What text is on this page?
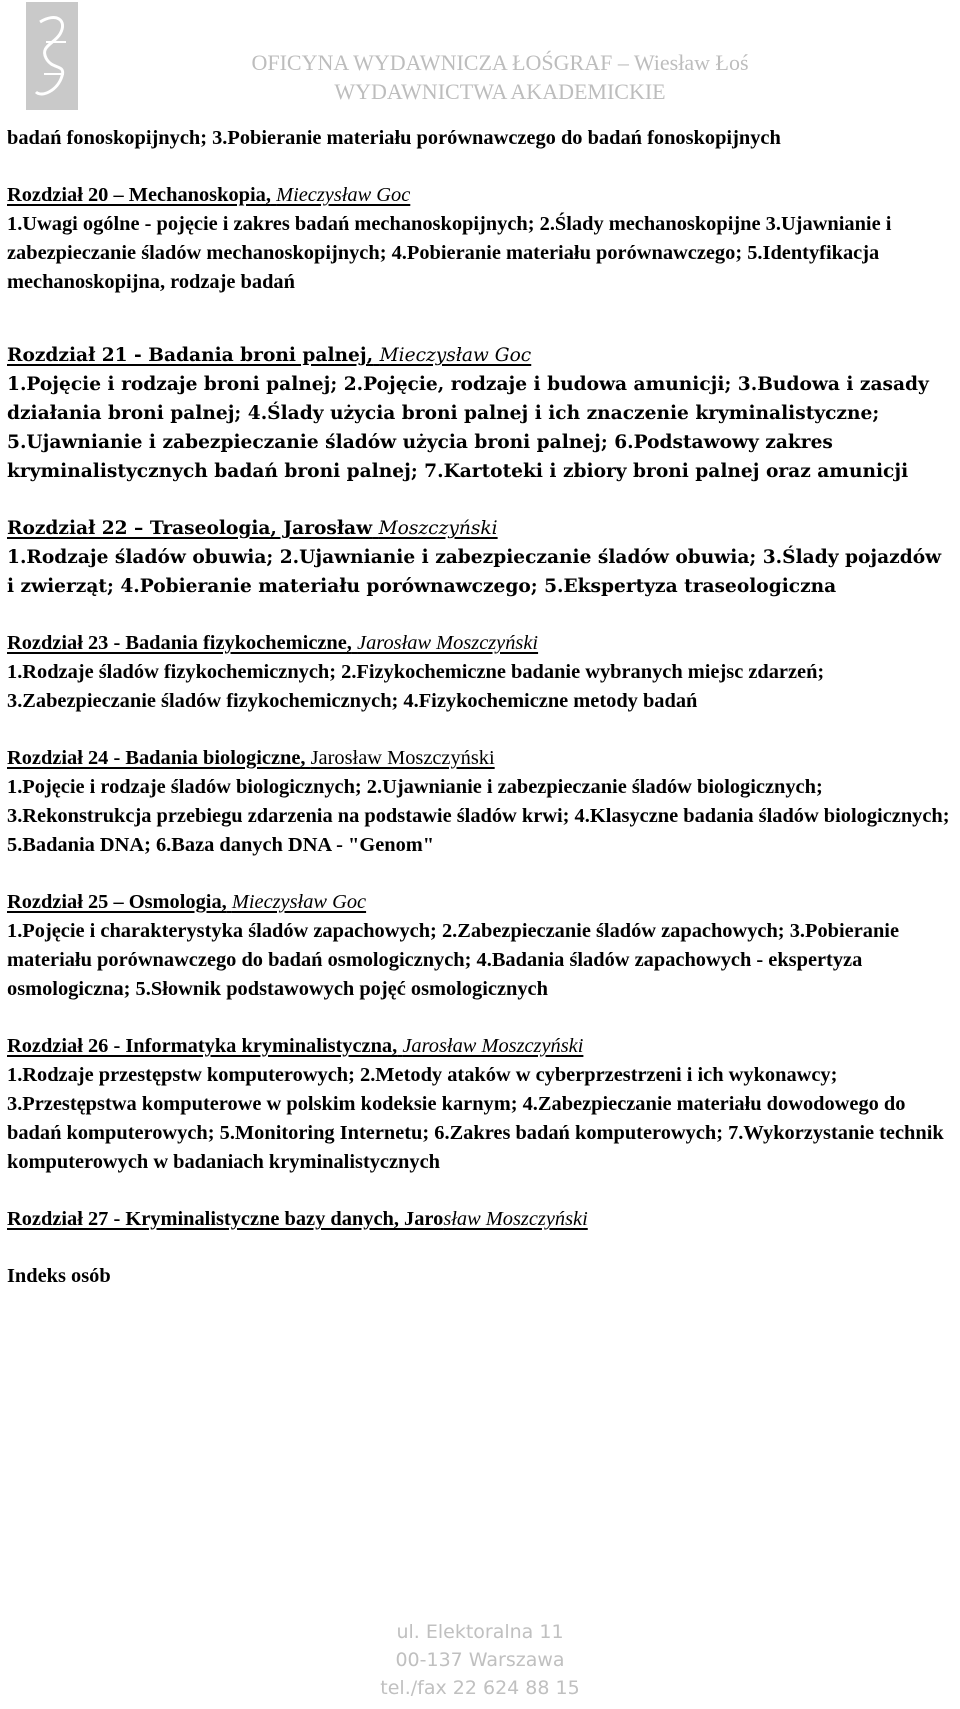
OFICYNA WYDAWNICZA ŁOŚGRAF – Wiesław Łoś
WYDAWNICTWA AKADEMICKIE

badań fonoskopijnych; 3.Pobieranie materiału porównawczego do badań fonoskopijnych

Rozdział 20 – Mechanoskopia, Mieczysław Goc

1.Uwagi ogólne - pojęcie i zakres badań mechanoskopijnych; 2.Ślady mechanoskopijne 3.Ujawnianie i zabezpieczanie śladów mechanoskopijnych; 4.Pobieranie materiału porównawczego; 5.Identyfikacja mechanoskopijna, rodzaje badań

Rozdział 21 - Badania broni palnej, Mieczysław Goc

1.Pojęcie i rodzaje broni palnej; 2.Pojęcie, rodzaje i budowa amunicji; 3.Budowa i zasady działania broni palnej; 4.Ślady użycia broni palnej i ich znaczenie kryminalistyczne; 5.Ujawnianie i zabezpieczanie śladów użycia broni palnej; 6.Podstawowy zakres kryminalistycznych badań broni palnej; 7.Kartoteki i zbiory broni palnej oraz amunicji

Rozdział 22 – Traseologia, Jarosław Moszczyński

1.Rodzaje śladów obuwia; 2.Ujawnianie i zabezpieczanie śladów obuwia; 3.Ślady pojazdów i zwierząt; 4.Pobieranie materiału porównawczego; 5.Ekspertyza traseologiczna

Rozdział 23 - Badania fizykochemiczne, Jarosław Moszczyński

1.Rodzaje śladów fizykochemicznych; 2.Fizykochemiczne badanie wybranych miejsc zdarzeń; 3.Zabezpieczanie śladów fizykochemicznych; 4.Fizykochemiczne metody badań

Rozdział 24 - Badania biologiczne, Jarosław Moszczyński

1.Pojęcie i rodzaje śladów biologicznych; 2.Ujawnianie i zabezpieczanie śladów biologicznych; 3.Rekonstrukcja przebiegu zdarzenia na podstawie śladów krwi; 4.Klasyczne badania śladów biologicznych; 5.Badania DNA; 6.Baza danych DNA - "Genom"

Rozdział 25 – Osmologia, Mieczysław Goc

1.Pojęcie i charakterystyka śladów zapachowych; 2.Zabezpieczanie śladów zapachowych; 3.Pobieranie materiału porównawczego do badań osmologicznych; 4.Badania śladów zapachowych - ekspertyza osmologiczna; 5.Słownik podstawowych pojęć osmologicznych

Rozdział 26 - Informatyka kryminalistyczna, Jarosław Moszczyński

1.Rodzaje przestępstw komputerowych; 2.Metody ataków w cyberprzestrzeni i ich wykonawcy; 3.Przestępstwa komputerowe w polskim kodeksie karnym; 4.Zabezpieczanie materiału dowodowego do badań komputerowych; 5.Monitoring Internetu; 6.Zakres badań komputerowych; 7.Wykorzystanie technik komputerowych w badaniach kryminalistycznych

Rozdział 27 - Kryminalistyczne bazy danych, Jarosław Moszczyński

Indeks osób

ul. Elektoralna 11
00-137 Warszawa
tel./fax 22 624 88 15
